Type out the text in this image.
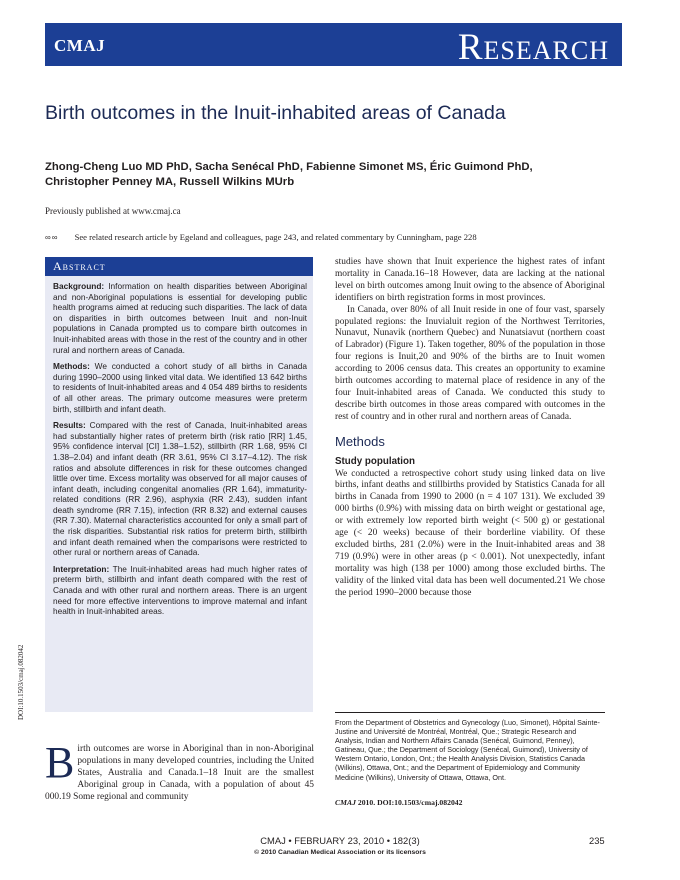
CMAJ	Research
Birth outcomes in the Inuit-inhabited areas of Canada
Zhong-Cheng Luo MD PhD, Sacha Senécal PhD, Fabienne Simonet MS, Éric Guimond PhD,
Christopher Penney MA, Russell Wilkins MUrb
Previously published at www.cmaj.ca
∞∞ See related research article by Egeland and colleagues, page 243, and related commentary by Cunningham, page 228
Abstract

Background: Information on health disparities between Aboriginal and non-Aboriginal populations is essential for developing public health programs aimed at reducing such disparities. The lack of data on disparities in birth outcomes between Inuit and non-Inuit populations in Canada prompted us to compare birth outcomes in Inuit-inhabited areas with those in the rest of the country and in other rural and northern areas of Canada.

Methods: We conducted a cohort study of all births in Canada during 1990–2000 using linked vital data. We identified 13 642 births to residents of Inuit-inhabited areas and 4 054 489 births to residents of all other areas. The primary outcome measures were preterm birth, stillbirth and infant death.

Results: Compared with the rest of Canada, Inuit-inhabited areas had substantially higher rates of preterm birth (risk ratio [RR] 1.45, 95% confidence interval [CI] 1.38–1.52), stillbirth (RR 1.68, 95% CI 1.38–2.04) and infant death (RR 3.61, 95% CI 3.17–4.12). The risk ratios and absolute differences in risk for these outcomes changed little over time. Excess mortality was observed for all major causes of infant death, including congenital anomalies (RR 1.64), immaturity-related conditions (RR 2.96), asphyxia (RR 2.43), sudden infant death syndrome (RR 7.15), infection (RR 8.32) and external causes (RR 7.30). Maternal characteristics accounted for only a small part of the risk disparities. Substantial risk ratios for preterm birth, stillbirth and infant death remained when the comparisons were restricted to other rural or northern areas of Canada.

Interpretation: The Inuit-inhabited areas had much higher rates of preterm birth, stillbirth and infant death compared with the rest of Canada and with other rural and northern areas. There is an urgent need for more effective interventions to improve maternal and infant health in Inuit-inhabited areas.

DOI:10.1503/cmaj.082042
Birth outcomes are worse in Aboriginal than in non-Aboriginal populations in many developed countries, including the United States, Australia and Canada.1–18 Inuit are the smallest Aboriginal group in Canada, with a population of about 45 000.19 Some regional and community

studies have shown that Inuit experience the highest rates of infant mortality in Canada.16–18 However, data are lacking at the national level on birth outcomes among Inuit owing to the absence of Aboriginal identifiers on birth registration forms in most provinces.

In Canada, over 80% of all Inuit reside in one of four vast, sparsely populated regions: the Inuvialuit region of the Northwest Territories, Nunavut, Nunavik (northern Quebec) and Nunatsiavut (northern coast of Labrador) (Figure 1). Taken together, 80% of the population in those four regions is Inuit,20 and 90% of the births are to Inuit women according to 2006 census data. This creates an opportunity to examine birth outcomes according to maternal place of residence in any of the four Inuit-inhabited areas of Canada. We conducted this study to describe birth outcomes in those areas compared with outcomes in the rest of country and in other rural and northern areas of Canada.

Methods
Study population

We conducted a retrospective cohort study using linked data on live births, infant deaths and stillbirths provided by Statistics Canada for all births in Canada from 1990 to 2000 (n = 4 107 131). We excluded 39 000 births (0.9%) with missing data on birth weight or gestational age, or with extremely low reported birth weight (< 500 g) or gestational age (< 20 weeks) because of their borderline viability. Of these excluded births, 281 (2.0%) were in the Inuit-inhabited areas and 38 719 (0.9%) were in other areas (p < 0.001). Not unexpectedly, infant mortality was high (138 per 1000) among those excluded births. The validity of the linked vital data has been well documented.21 We chose the period 1990–2000 because those

From the Department of Obstetrics and Gynecology (Luo, Simonet), Hôpital Sainte-Justine and Université de Montréal, Montréal, Que.; Strategic Research and Analysis, Indian and Northern Affairs Canada (Senécal, Guimond, Penney), Gatineau, Que.; the Department of Sociology (Senécal, Guimond), University of Western Ontario, London, Ont.; the Health Analysis Division, Statistics Canada (Wilkins), Ottawa, Ont.; and the Department of Epidemiology and Community Medicine (Wilkins), University of Ottawa, Ottawa, Ont.
CMAJ 2010. DOI:10.1503/cmaj.082042
CMAJ • FEBRUARY 23, 2010 • 182(3)
© 2010 Canadian Medical Association or its licensors
235
